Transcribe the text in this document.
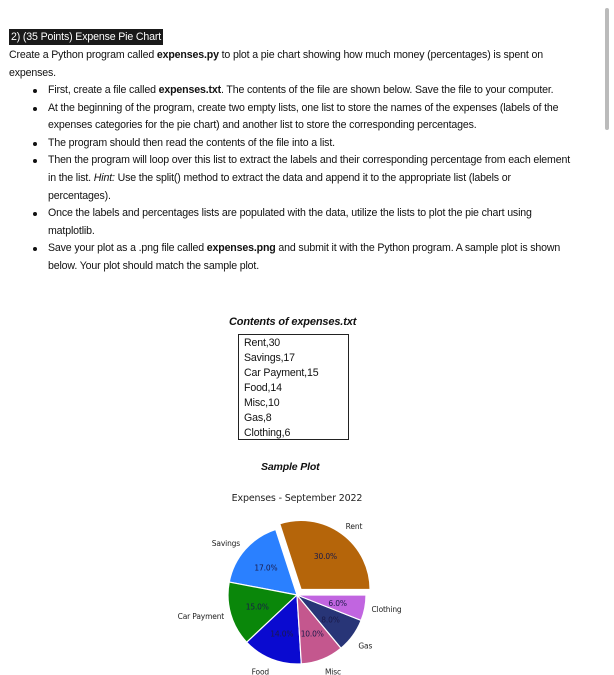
2) (35 Points) Expense Pie Chart
Create a Python program called expenses.py to plot a pie chart showing how much money (percentages) is spent on expenses.
First, create a file called expenses.txt. The contents of the file are shown below. Save the file to your computer.
At the beginning of the program, create two empty lists, one list to store the names of the expenses (labels of the expenses categories for the pie chart) and another list to store the corresponding percentages.
The program should then read the contents of the file into a list.
Then the program will loop over this list to extract the labels and their corresponding percentage from each element in the list. Hint: Use the split() method to extract the data and append it to the appropriate list (labels or percentages).
Once the labels and percentages lists are populated with the data, utilize the lists to plot the pie chart using matplotlib.
Save your plot as a .png file called expenses.png and submit it with the Python program. A sample plot is shown below. Your plot should match the sample plot.
Contents of expenses.txt
Rent,30
Savings,17
Car Payment,15
Food,14
Misc,10
Gas,8
Clothing,6
Sample Plot
Expenses - September 2022
30.0%
Rent
17.0%
Savings
15.0%
Car Payment
14.0%
Food
10.0%
Misc
8.0%
Gas
6.0%
Clothing
